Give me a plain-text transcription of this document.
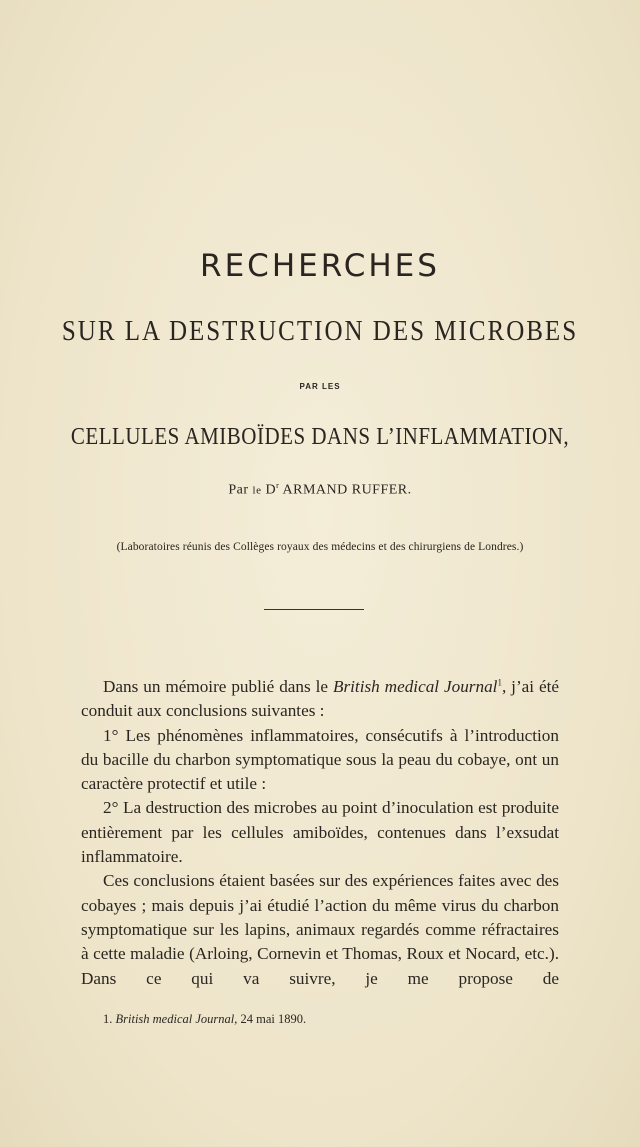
RECHERCHES
SUR LA DESTRUCTION DES MICROBES
PAR LES
CELLULES AMIBOÏDES DANS L’INFLAMMATION,
Par le $D^r$ ARMAND RUFFER.
(Laboratoires réunis des Collèges royaux des médecins et des chirurgiens de Londres.)

Dans un mémoire publié dans le British medical Journal$^1$, j’ai été conduit aux conclusions suivantes :

1° Les phénomènes inflammatoires, consécutifs à l’introduction du bacille du charbon symptomatique sous la peau du cobaye, ont un caractère protectif et utile :

2° La destruction des microbes au point d’inoculation est produite entièrement par les cellules amiboïdes, contenues dans l’exsudat inflammatoire.

Ces conclusions étaient basées sur des expériences faites avec des cobayes ; mais depuis j’ai étudié l’action du même virus du charbon symptomatique sur les lapins, animaux regardés comme réfractaires à cette maladie (Arloing, Cornevin et Thomas, Roux et Nocard, etc.). Dans ce qui va suivre, je me propose de

1. British medical Journal, 24 mai 1890.
